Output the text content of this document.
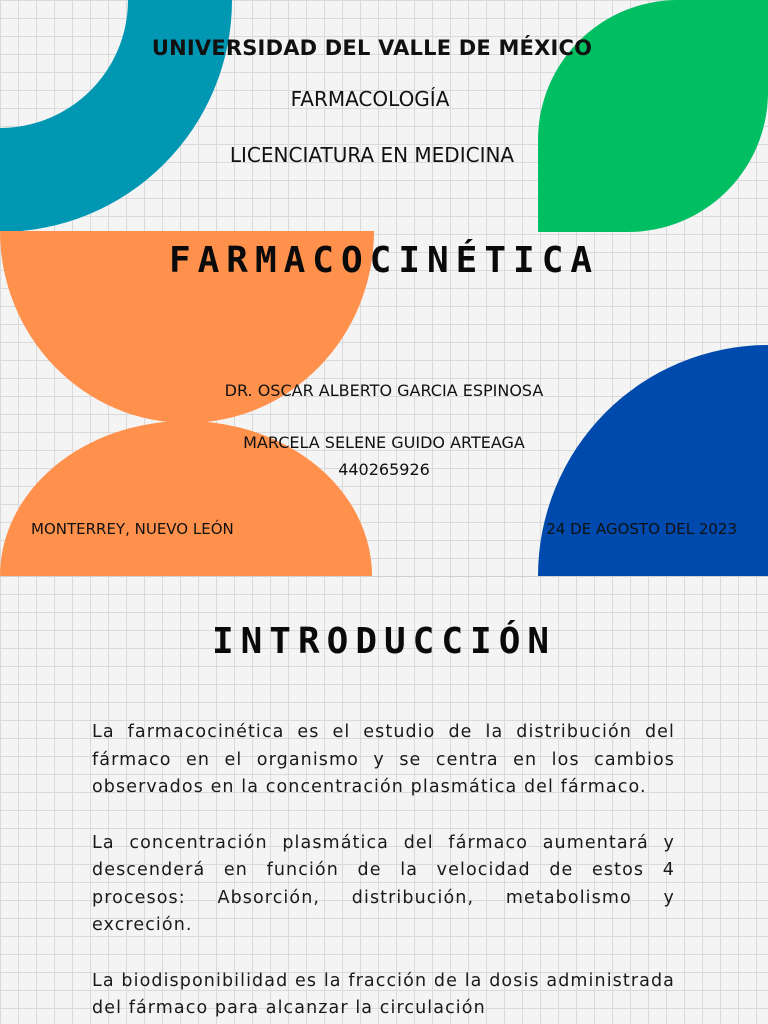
UNIVERSIDAD DEL VALLE DE MÉXICO

FARMACOLOGÍA

LICENCIATURA EN MEDICINA

FARMACOCINÉTICA

DR. OSCAR ALBERTO GARCIA ESPINOSA

MARCELA SELENE GUIDO ARTEAGA

440265926

MONTERREY, NUEVO LEÓN	24 DE AGOSTO DEL 2023

INTRODUCCIÓN

La farmacocinética es el estudio de la distribución del fármaco en el organismo y se centra en los cambios observados en la concentración plasmática del fármaco.

La concentración plasmática del fármaco aumentará y descenderá en función de la velocidad de estos 4 procesos: Absorción, distribución, metabolismo y excreción.

La biodisponibilidad es la fracción de la dosis administrada del fármaco para alcanzar la circulación
